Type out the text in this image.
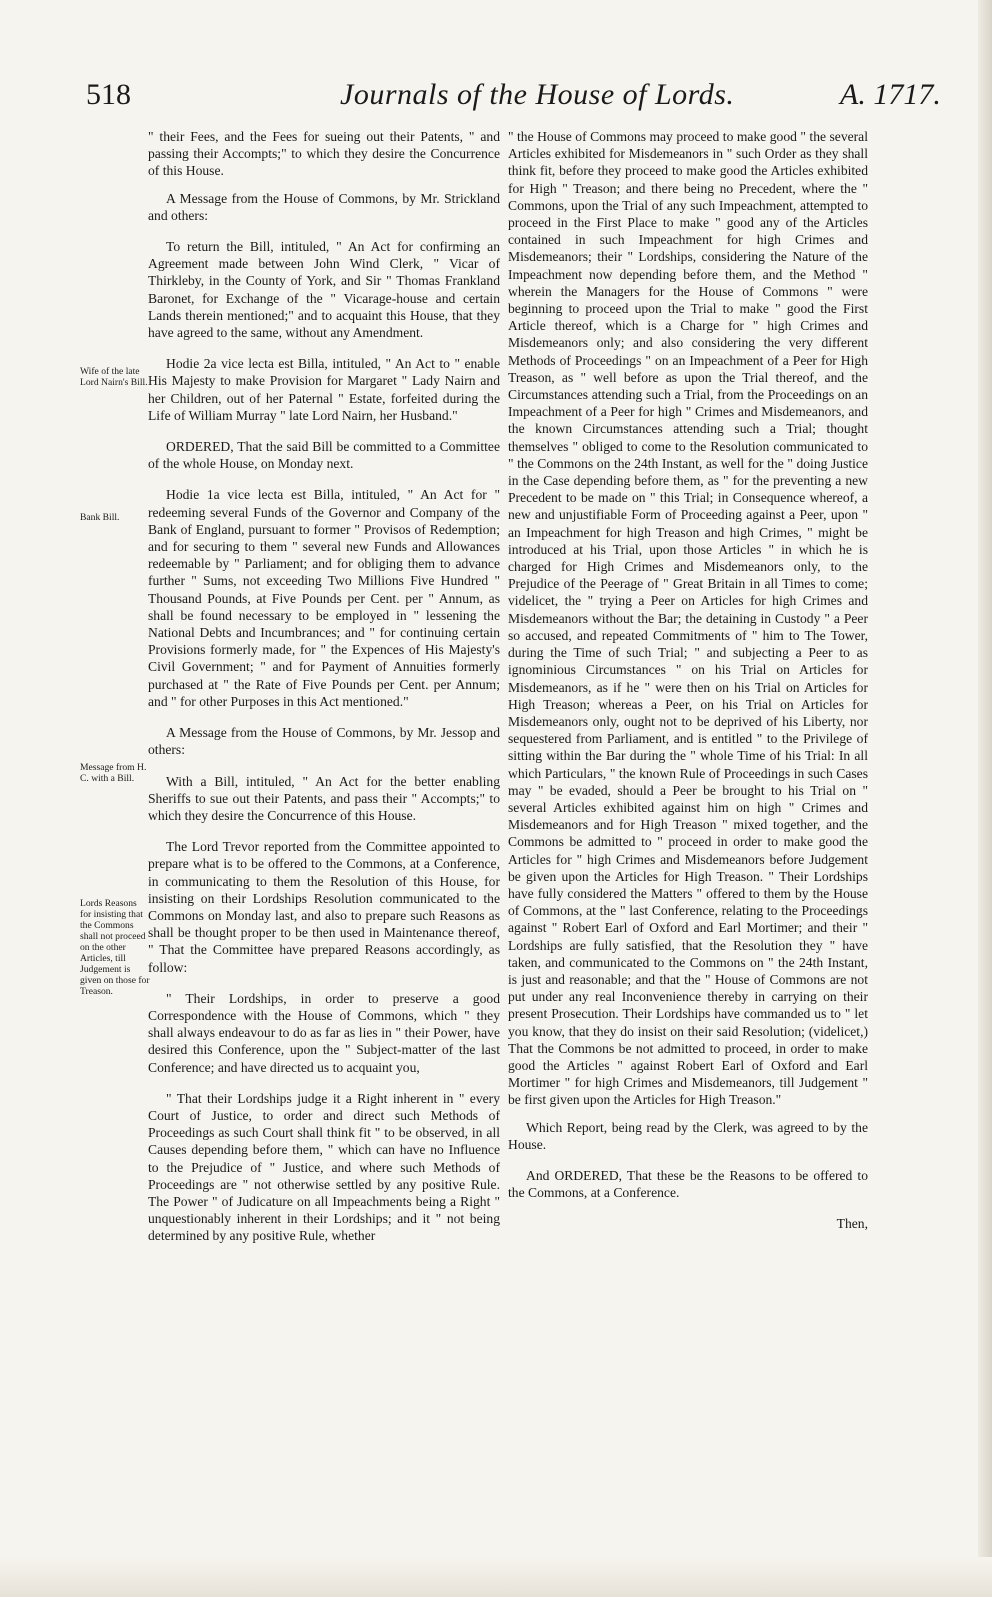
518	Journals of the House of Lords.	A. 1717.
Wife of the late Lord Nairn's Bill.
Bank Bill.
Message from H. C. with a Bill.
Lords Reasons for insisting that the Commons shall not proceed on the other Articles, till Judgement is given on those for Treason.

" their Fees, and the Fees for sueing out their Patents, " and passing their Accompts;" to which they desire the Concurrence of this House.

A Message from the House of Commons, by Mr. Strickland and others:

To return the Bill, intituled, " An Act for confirming an Agreement made between John Wind Clerk, " Vicar of Thirkleby, in the County of York, and Sir " Thomas Frankland Baronet, for Exchange of the " Vicarage-house and certain Lands therein mentioned;" and to acquaint this House, that they have agreed to the same, without any Amendment.

Hodie 2a vice lecta est Billa, intituled, " An Act to " enable His Majesty to make Provision for Margaret " Lady Nairn and her Children, out of her Paternal " Estate, forfeited during the Life of William Murray " late Lord Nairn, her Husband."

ORDERED, That the said Bill be committed to a Committee of the whole House, on Monday next.

Hodie 1a vice lecta est Billa, intituled, " An Act for " redeeming several Funds of the Governor and Company of the Bank of England, pursuant to former " Provisos of Redemption; and for securing to them " several new Funds and Allowances redeemable by " Parliament; and for obliging them to advance further " Sums, not exceeding Two Millions Five Hundred " Thousand Pounds, at Five Pounds per Cent. per " Annum, as shall be found necessary to be employed in " lessening the National Debts and Incumbrances; and " for continuing certain Provisions formerly made, for " the Expences of His Majesty's Civil Government; " and for Payment of Annuities formerly purchased at " the Rate of Five Pounds per Cent. per Annum; and " for other Purposes in this Act mentioned."

A Message from the House of Commons, by Mr. Jessop and others:

With a Bill, intituled, " An Act for the better enabling Sheriffs to sue out their Patents, and pass their " Accompts;" to which they desire the Concurrence of this House.

The Lord Trevor reported from the Committee appointed to prepare what is to be offered to the Commons, at a Conference, in communicating to them the Resolution of this House, for insisting on their Lordships Resolution communicated to the Commons on Monday last, and also to prepare such Reasons as shall be thought proper to be then used in Maintenance thereof, " That the Committee have prepared Reasons accordingly, as follow:

" Their Lordships, in order to preserve a good Correspondence with the House of Commons, which " they shall always endeavour to do as far as lies in " their Power, have desired this Conference, upon the " Subject-matter of the last Conference; and have directed us to acquaint you,

" That their Lordships judge it a Right inherent in " every Court of Justice, to order and direct such Methods of Proceedings as such Court shall think fit " to be observed, in all Causes depending before them, " which can have no Influence to the Prejudice of " Justice, and where such Methods of Proceedings are " not otherwise settled by any positive Rule. The Power " of Judicature on all Impeachments being a Right " unquestionably inherent in their Lordships; and it " not being determined by any positive Rule, whether

" the House of Commons may proceed to make good " the several Articles exhibited for Misdemeanors in " such Order as they shall think fit, before they proceed to make good the Articles exhibited for High " Treason; and there being no Precedent, where the " Commons, upon the Trial of any such Impeachment, attempted to proceed in the First Place to make " good any of the Articles contained in such Impeachment for high Crimes and Misdemeanors; their " Lordships, considering the Nature of the Impeachment now depending before them, and the Method " wherein the Managers for the House of Commons " were beginning to proceed upon the Trial to make " good the First Article thereof, which is a Charge for " high Crimes and Misdemeanors only; and also considering the very different Methods of Proceedings " on an Impeachment of a Peer for High Treason, as " well before as upon the Trial thereof, and the Circumstances attending such a Trial, from the Proceedings on an Impeachment of a Peer for high " Crimes and Misdemeanors, and the known Circumstances attending such a Trial; thought themselves " obliged to come to the Resolution communicated to " the Commons on the 24th Instant, as well for the " doing Justice in the Case depending before them, as " for the preventing a new Precedent to be made on " this Trial; in Consequence whereof, a new and unjustifiable Form of Proceeding against a Peer, upon " an Impeachment for high Treason and high Crimes, " might be introduced at his Trial, upon those Articles " in which he is charged for High Crimes and Misdemeanors only, to the Prejudice of the Peerage of " Great Britain in all Times to come; videlicet, the " trying a Peer on Articles for high Crimes and Misdemeanors without the Bar; the detaining in Custody " a Peer so accused, and repeated Commitments of " him to The Tower, during the Time of such Trial; " and subjecting a Peer to as ignominious Circumstances " on his Trial on Articles for Misdemeanors, as if he " were then on his Trial on Articles for High Treason; whereas a Peer, on his Trial on Articles for Misdemeanors only, ought not to be deprived of his Liberty, nor sequestered from Parliament, and is entitled " to the Privilege of sitting within the Bar during the " whole Time of his Trial: In all which Particulars, " the known Rule of Proceedings in such Cases may " be evaded, should a Peer be brought to his Trial on " several Articles exhibited against him on high " Crimes and Misdemeanors and for High Treason " mixed together, and the Commons be admitted to " proceed in order to make good the Articles for " high Crimes and Misdemeanors before Judgement be given upon the Articles for High Treason. " Their Lordships have fully considered the Matters " offered to them by the House of Commons, at the " last Conference, relating to the Proceedings against " Robert Earl of Oxford and Earl Mortimer; and their " Lordships are fully satisfied, that the Resolution they " have taken, and communicated to the Commons on " the 24th Instant, is just and reasonable; and that the " House of Commons are not put under any real Inconvenience thereby in carrying on their present Prosecution. Their Lordships have commanded us to " let you know, that they do insist on their said Resolution; (videlicet,) That the Commons be not admitted to proceed, in order to make good the Articles " against Robert Earl of Oxford and Earl Mortimer " for high Crimes and Misdemeanors, till Judgement " be first given upon the Articles for High Treason."

Which Report, being read by the Clerk, was agreed to by the House.

And ORDERED, That these be the Reasons to be offered to the Commons, at a Conference.

Then,
